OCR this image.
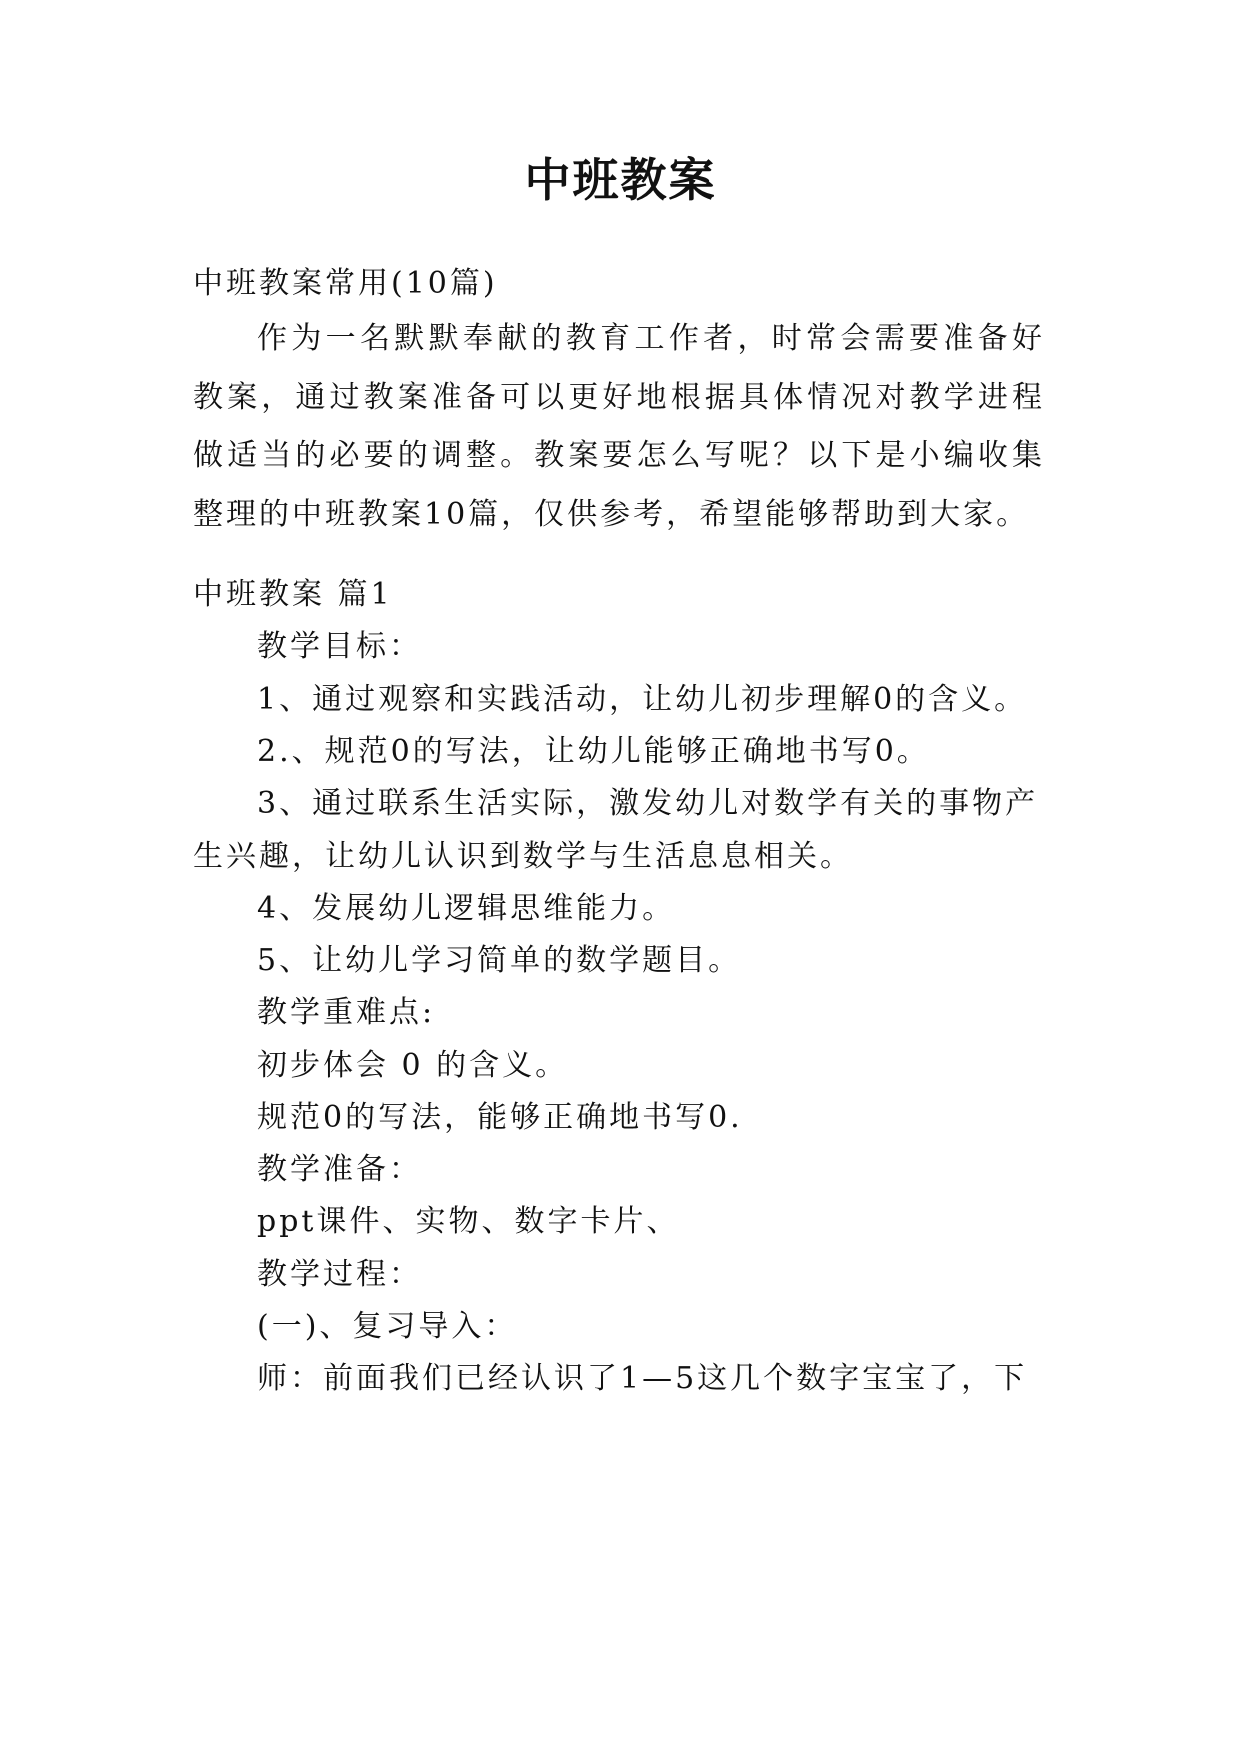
中班教案
中班教案常用(10篇)
作为一名默默奉献的教育工作者，时常会需要准备好教案，通过教案准备可以更好地根据具体情况对教学进程做适当的必要的调整。教案要怎么写呢？以下是小编收集整理的中班教案10篇，仅供参考，希望能够帮助到大家。
中班教案 篇1
教学目标：
1、通过观察和实践活动，让幼儿初步理解0的含义。
2.、规范0的写法，让幼儿能够正确地书写0。
3、通过联系生活实际，激发幼儿对数学有关的事物产
生兴趣，让幼儿认识到数学与生活息息相关。
4、发展幼儿逻辑思维能力。
5、让幼儿学习简单的数学题目。
教学重难点:
初步体会 0 的含义。
规范0的写法，能够正确地书写0.
教学准备：
ppt课件、实物、数字卡片、
教学过程：
(一)、复习导入：
师：前面我们已经认识了1—5这几个数字宝宝了，下
